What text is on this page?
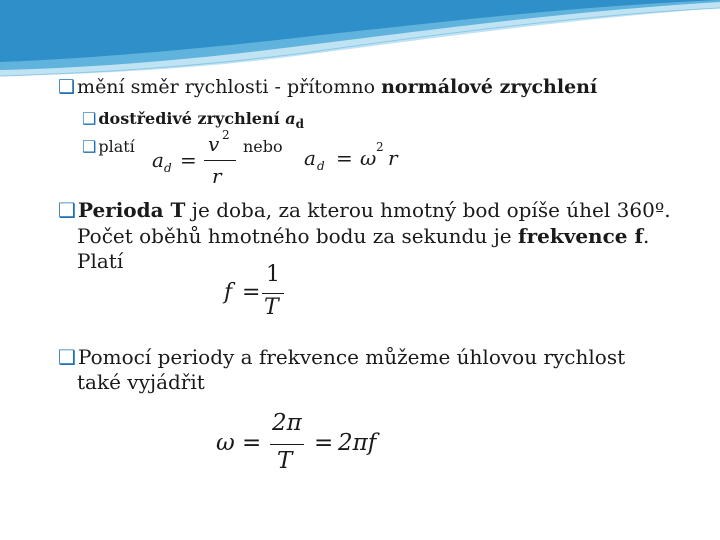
❑ mění směr rychlosti - přítomno normálové zrychlení
❑ dostředivé zrychlení $a_d$
❑ platí	nebo
a d =
v 2
r
a d = ω 2 r
❑ Perioda T je doba, za kterou hmotný bod opíše úhel 360º.
Počet oběhů hmotného bodu za sekundu je frekvence f.
Platí
f =
1
T
❑ Pomocí periody a frekvence můžeme úhlovou rychlost
také vyjádřit
ω =
2π
T
= 2πf
